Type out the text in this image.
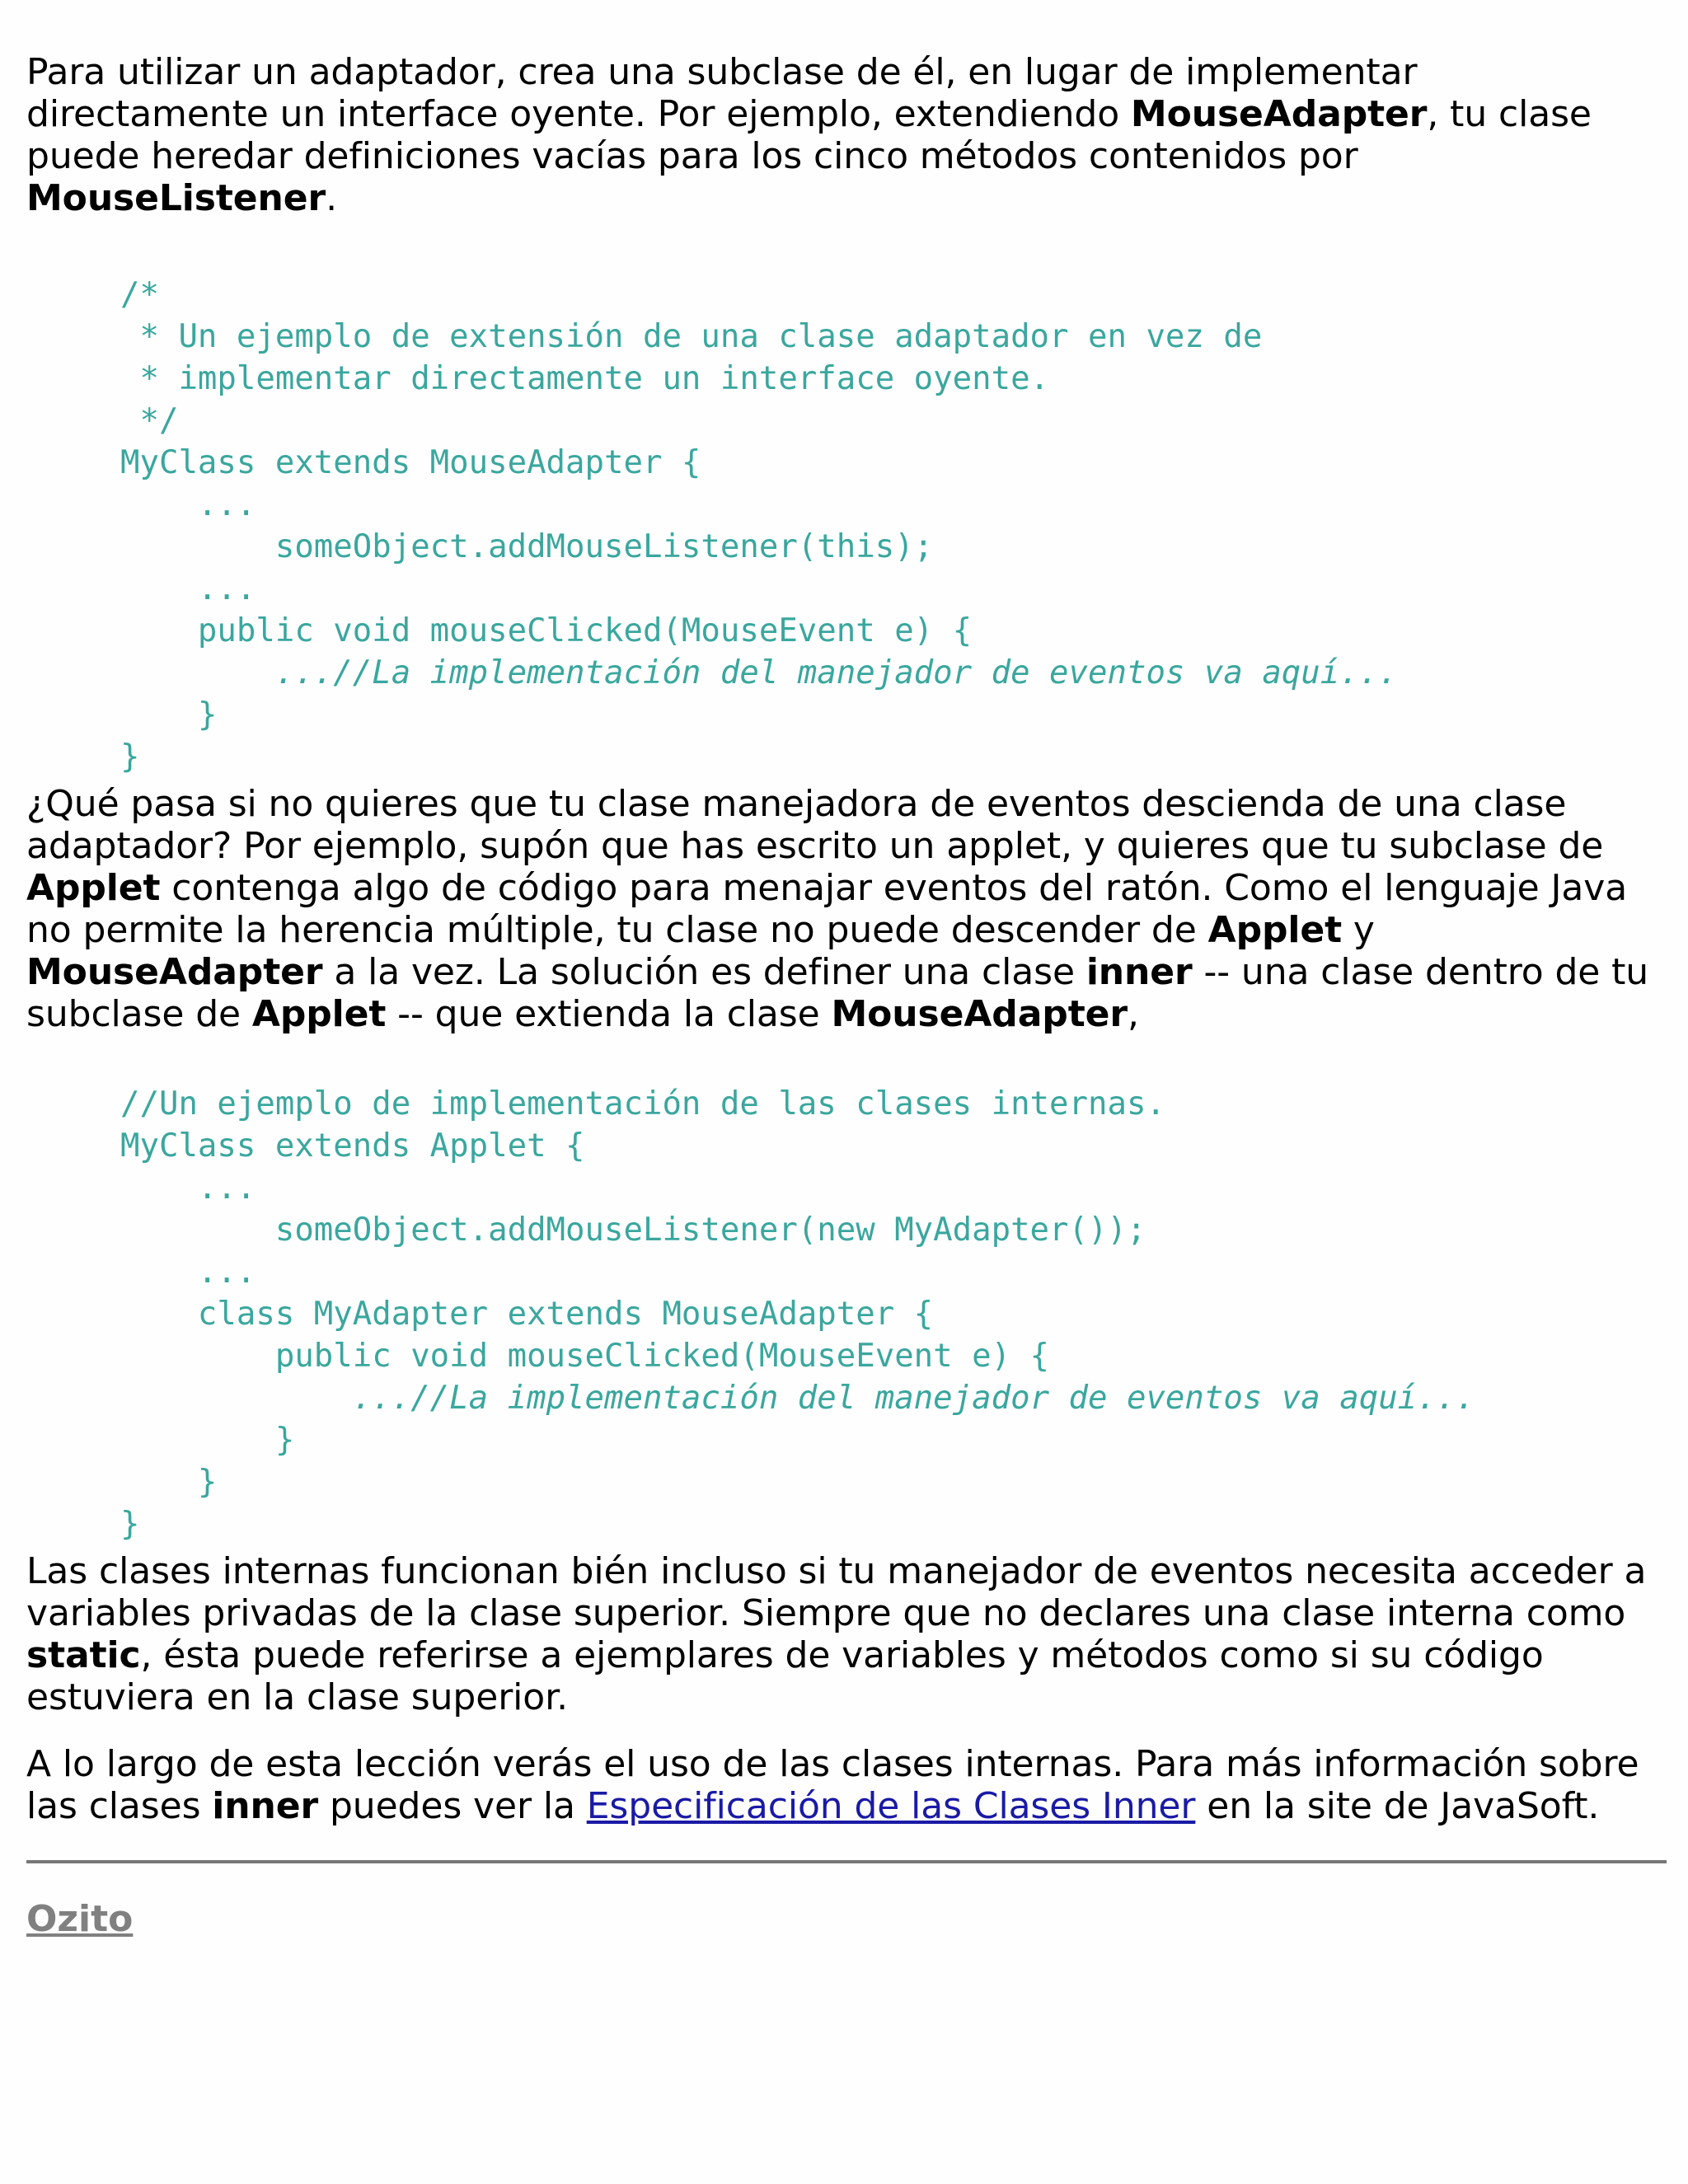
Para utilizar un adaptador, crea una subclase de él, en lugar de implementar directamente un interface oyente. Por ejemplo, extendiendo MouseAdapter, tu clase puede heredar definiciones vacías para los cinco métodos contenidos por MouseListener.

/*
* Un ejemplo de extensión de una clase adaptador en vez de
* implementar directamente un interface oyente.
*/
MyClass extends MouseAdapter {
...
someObject.addMouseListener(this);
...
public void mouseClicked(MouseEvent e) {
...//La implementación del manejador de eventos va aquí...
}
}

¿Qué pasa si no quieres que tu clase manejadora de eventos descienda de una clase adaptador? Por ejemplo, supón que has escrito un applet, y quieres que tu subclase de Applet contenga algo de código para menajar eventos del ratón. Como el lenguaje Java no permite la herencia múltiple, tu clase no puede descender de Applet y MouseAdapter a la vez. La solución es definer una clase inner -- una clase dentro de tu subclase de Applet -- que extienda la clase MouseAdapter,

//Un ejemplo de implementación de las clases internas.
MyClass extends Applet {
...
someObject.addMouseListener(new MyAdapter());
...
class MyAdapter extends MouseAdapter {
public void mouseClicked(MouseEvent e) {
...//La implementación del manejador de eventos va aquí...
}
}
}

Las clases internas funcionan bién incluso si tu manejador de eventos necesita acceder a variables privadas de la clase superior. Siempre que no declares una clase interna como static, ésta puede referirse a ejemplares de variables y métodos como si su código estuviera en la clase superior.

A lo largo de esta lección verás el uso de las clases internas. Para más información sobre las clases inner puedes ver la Especificación de las Clases Inner en la site de JavaSoft.

Ozito
